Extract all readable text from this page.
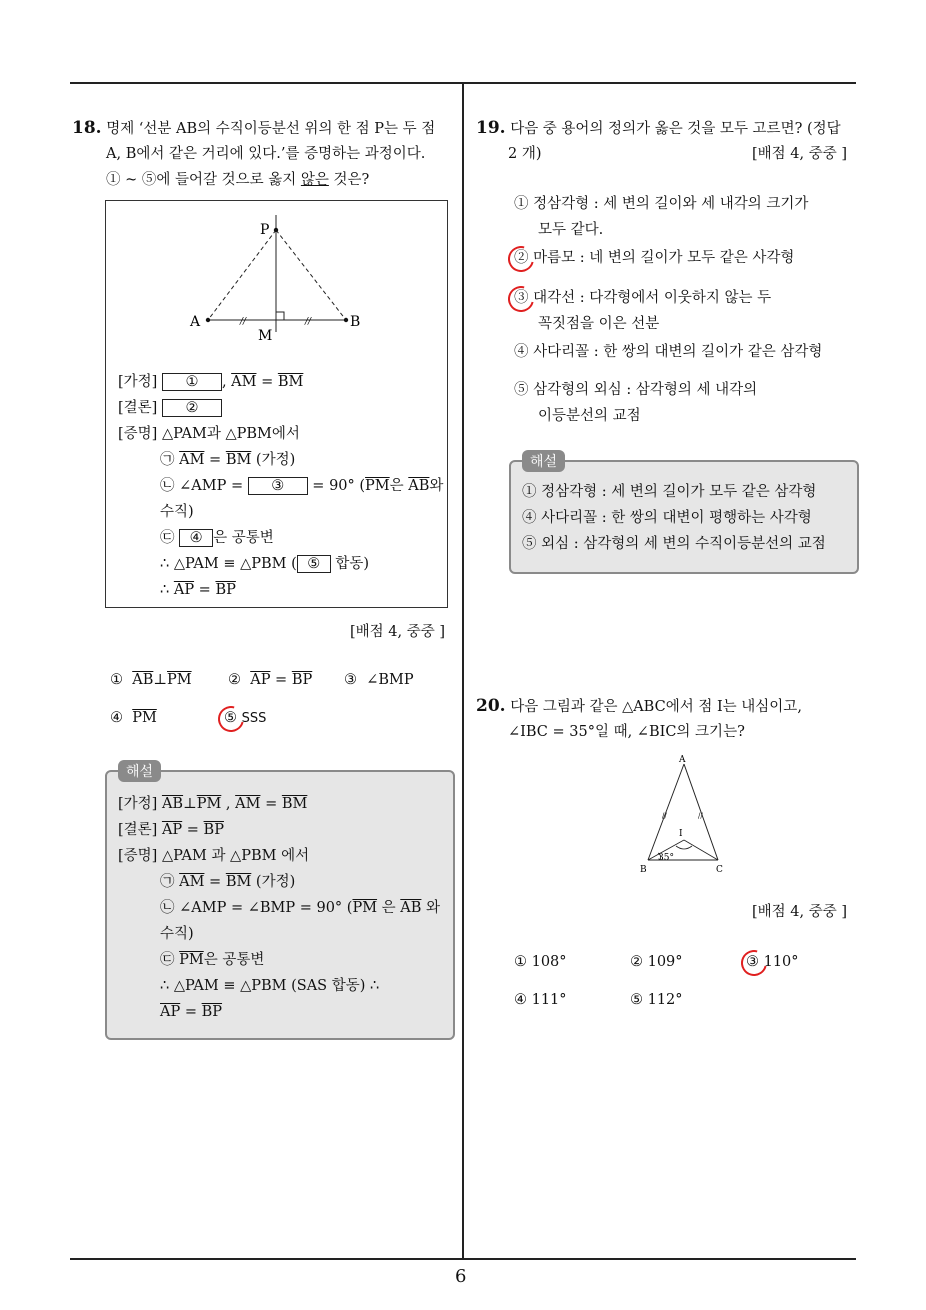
6
18. 명제 ‘선분 AB의 수직이등분선 위의 한 점 P는 두 점
A, B에서 같은 거리에 있다.’를 증명하는 과정이다.
① ~ ⑤에 들어갈 것으로 옳지 않은 것은?
//	//
P
A	B
M
[가정] ① , $\overline{AM} = \overline{BM}$
[결론] ②
[증명] △PAM과 △PBM에서
㉠ $\overline{AM} = \overline{BM}$ (가정)
㉡ ∠AMP = ③ = 90° ($\overline{PM}$은 $\overline{AB}$와
수직)
㉢ ④ 은 공통변
∴ △PAM ≡ △PBM ( ⑤ 합동)
∴ $\overline{AP} = \overline{BP}$
[배점 4, 중중 ]
① $\overline{AB}\perp\overline{PM}$	② $\overline{AP} = \overline{BP}$ ③ ∠BMP
④ $\overline{PM}$	⑤ SSS
해설
[가정] $\overline{AB}\perp\overline{PM}$ , $\overline{AM} = \overline{BM}$
[결론] $\overline{AP} = \overline{BP}$
[증명] △PAM 과 △PBM 에서
㉠ $\overline{AM} = \overline{BM}$ (가정)
㉡ ∠AMP = ∠BMP = 90° ($\overline{PM}$ 은 $\overline{AB}$ 와
수직)
㉢ $\overline{PM}$은 공통변
∴ △PAM ≡ △PBM (SAS 합동) ∴
$\overline{AP} = \overline{BP}$
19. 다음 중 용어의 정의가 옳은 것을 모두 고르면? (정답
2 개)	[배점 4, 중중 ]
① 정삼각형 : 세 변의 길이와 세 내각의 크기가
모두 같다.
② 마름모 : 네 변의 길이가 모두 같은 사각형
③ 대각선 : 다각형에서 이웃하지 않는 두
꼭짓점을 이은 선분
④ 사다리꼴 : 한 쌍의 대변의 길이가 같은 삼각형
⑤ 삼각형의 외심 : 삼각형의 세 내각의
이등분선의 교점
해설
① 정삼각형 : 세 변의 길이가 모두 같은 삼각형
④ 사다리꼴 : 한 쌍의 대변이 평행하는 사각형
⑤ 외심 : 삼각형의 세 변의 수직이등분선의 교점
20. 다음 그림과 같은 △ABC에서 점 I는 내심이고,
∠IBC = 35°일 때, ∠BIC의 크기는?
//	//
A
B	C
I
35°
[배점 4, 중중 ]
① 108°	② 109°	③ 110°
④ 111°	⑤ 112°
